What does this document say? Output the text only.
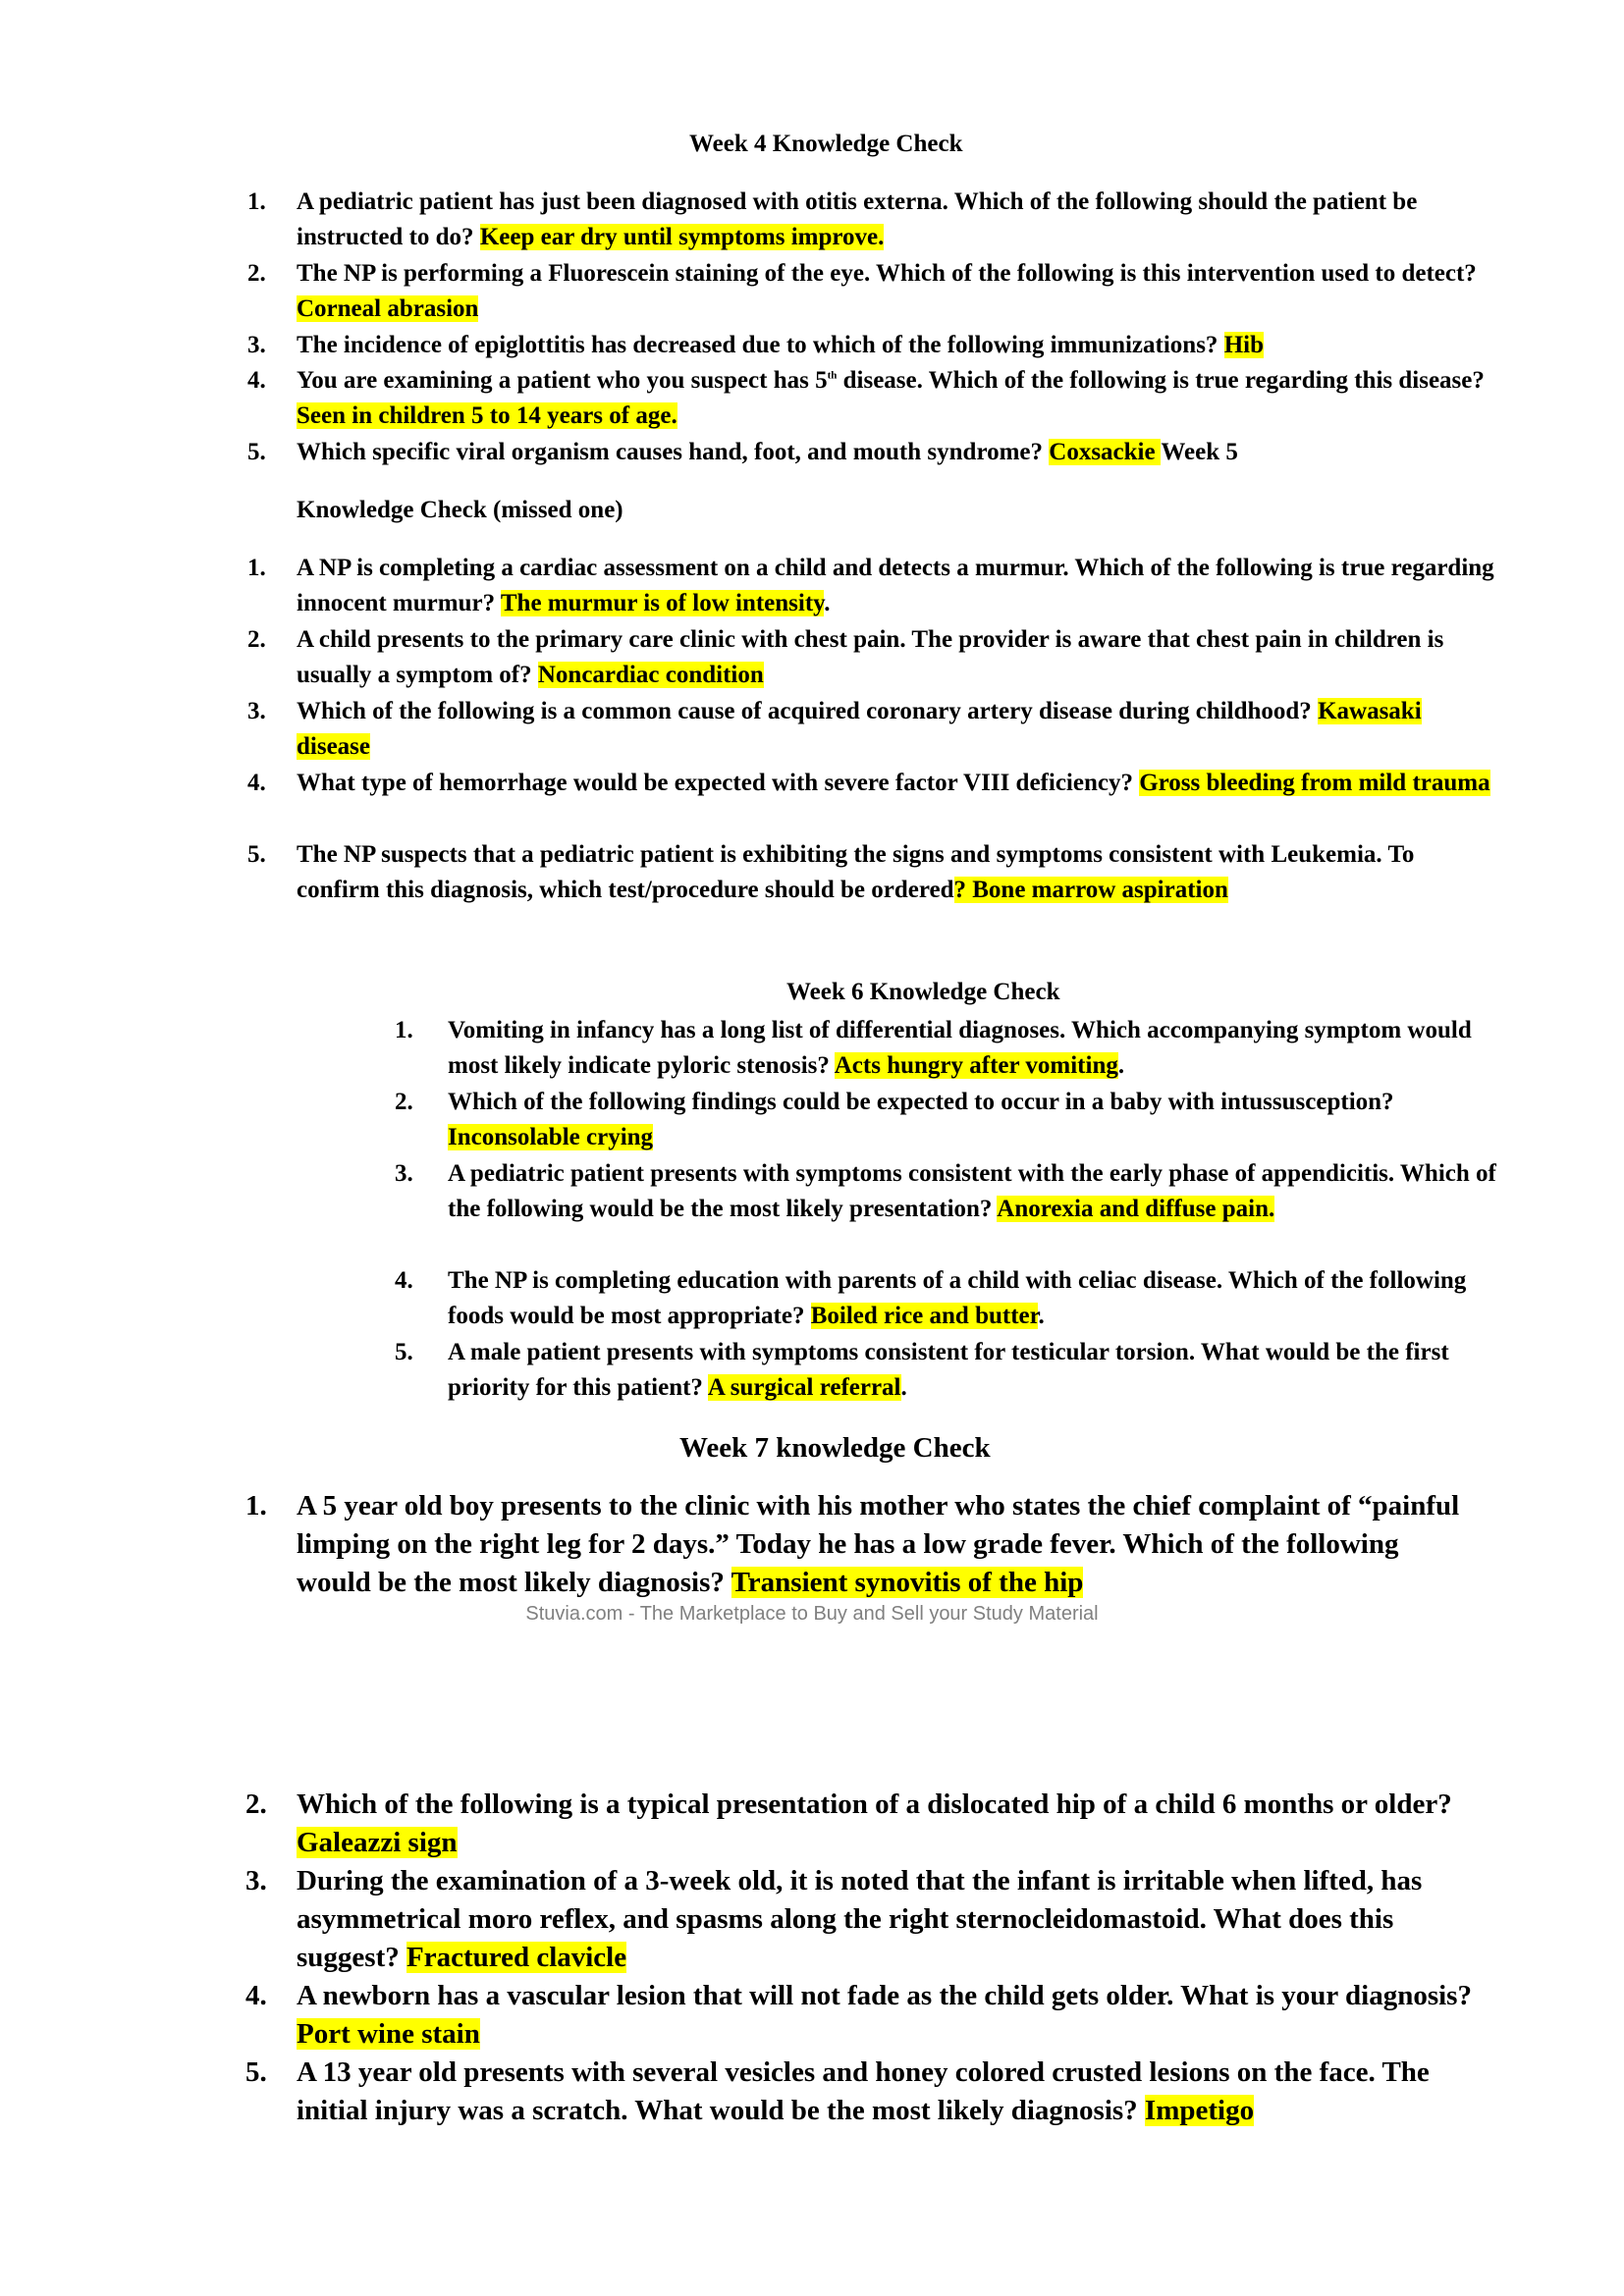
Week 4 Knowledge Check
1. A pediatric patient has just been diagnosed with otitis externa. Which of the following should the patient be instructed to do? Keep ear dry until symptoms improve.
2. The NP is performing a Fluorescein staining of the eye. Which of the following is this intervention used to detect? Corneal abrasion
3. The incidence of epiglottitis has decreased due to which of the following immunizations? Hib
4. You are examining a patient who you suspect has 5th disease. Which of the following is true regarding this disease? Seen in children 5 to 14 years of age.
5. Which specific viral organism causes hand, foot, and mouth syndrome? Coxsackie Week 5
Knowledge Check (missed one)
1. A NP is completing a cardiac assessment on a child and detects a murmur. Which of the following is true regarding innocent murmur? The murmur is of low intensity.
2. A child presents to the primary care clinic with chest pain. The provider is aware that chest pain in children is usually a symptom of? Noncardiac condition
3. Which of the following is a common cause of acquired coronary artery disease during childhood? Kawasaki disease
4. What type of hemorrhage would be expected with severe factor VIII deficiency? Gross bleeding from mild trauma
5. The NP suspects that a pediatric patient is exhibiting the signs and symptoms consistent with Leukemia. To confirm this diagnosis, which test/procedure should be ordered? Bone marrow aspiration
Week 6 Knowledge Check
1. Vomiting in infancy has a long list of differential diagnoses. Which accompanying symptom would most likely indicate pyloric stenosis? Acts hungry after vomiting.
2. Which of the following findings could be expected to occur in a baby with intussusception? Inconsolable crying
3. A pediatric patient presents with symptoms consistent with the early phase of appendicitis. Which of the following would be the most likely presentation? Anorexia and diffuse pain.
4. The NP is completing education with parents of a child with celiac disease. Which of the following foods would be most appropriate? Boiled rice and butter.
5. A male patient presents with symptoms consistent for testicular torsion. What would be the first priority for this patient? A surgical referral.
Week 7 knowledge Check
1. A 5 year old boy presents to the clinic with his mother who states the chief complaint of “painful limping on the right leg for 2 days.” Today he has a low grade fever. Which of the following would be the most likely diagnosis? Transient synovitis of the hip
Stuvia.com - The Marketplace to Buy and Sell your Study Material
2. Which of the following is a typical presentation of a dislocated hip of a child 6 months or older? Galeazzi sign
3. During the examination of a 3-week old, it is noted that the infant is irritable when lifted, has asymmetrical moro reflex, and spasms along the right sternocleidomastoid. What does this suggest? Fractured clavicle
4. A newborn has a vascular lesion that will not fade as the child gets older. What is your diagnosis? Port wine stain
5. A 13 year old presents with several vesicles and honey colored crusted lesions on the face. The initial injury was a scratch. What would be the most likely diagnosis? Impetigo
